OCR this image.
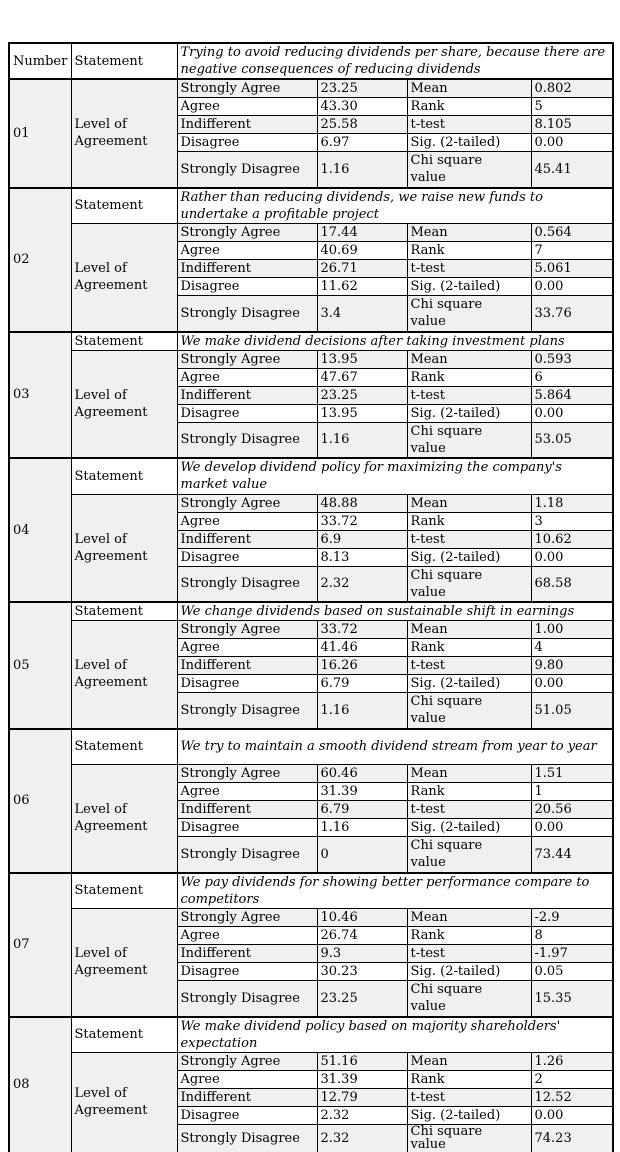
Number	Statement	Trying to avoid reducing dividends per share, because there are negative consequences of reducing dividends			
01	Level of Agreement	Strongly Agree	23.25	Mean	0.802
		Agree	43.30	Rank	5
		Indifferent	25.58	t-test	8.105
		Disagree	6.97	Sig. (2-tailed)	0.00
		Strongly Disagree	1.16	Chi square value	45.41
02	Statement	Rather than reducing dividends, we raise new funds to undertake a profitable project			
	Level of Agreement	Strongly Agree	17.44	Mean	0.564
		Agree	40.69	Rank	7
		Indifferent	26.71	t-test	5.061
		Disagree	11.62	Sig. (2-tailed)	0.00
		Strongly Disagree	3.4	Chi square value	33.76
03	Statement	We make dividend decisions after taking investment plans			
	Level of Agreement	Strongly Agree	13.95	Mean	0.593
		Agree	47.67	Rank	6
		Indifferent	23.25	t-test	5.864
		Disagree	13.95	Sig. (2-tailed)	0.00
		Strongly Disagree	1.16	Chi square value	53.05
04	Statement	We develop dividend policy for maximizing the company's market value			
	Level of Agreement	Strongly Agree	48.88	Mean	1.18
		Agree	33.72	Rank	3
		Indifferent	6.9	t-test	10.62
		Disagree	8.13	Sig. (2-tailed)	0.00
		Strongly Disagree	2.32	Chi square value	68.58
05	Statement	We change dividends based on sustainable shift in earnings			
	Level of Agreement	Strongly Agree	33.72	Mean	1.00
		Agree	41.46	Rank	4
		Indifferent	16.26	t-test	9.80
		Disagree	6.79	Sig. (2-tailed)	0.00
		Strongly Disagree	1.16	Chi square value	51.05
06	Statement	We try to maintain a smooth dividend stream from year to year			
	Level of Agreement	Strongly Agree	60.46	Mean	1.51
		Agree	31.39	Rank	1
		Indifferent	6.79	t-test	20.56
		Disagree	1.16	Sig. (2-tailed)	0.00
		Strongly Disagree	0	Chi square value	73.44
07	Statement	We pay dividends for showing better performance compare to competitors			
	Level of Agreement	Strongly Agree	10.46	Mean	-2.9
		Agree	26.74	Rank	8
		Indifferent	9.3	t-test	-1.97
		Disagree	30.23	Sig. (2-tailed)	0.05
		Strongly Disagree	23.25	Chi square value	15.35
08	Statement	We make dividend policy based on majority shareholders' expectation			
	Level of Agreement	Strongly Agree	51.16	Mean	1.26
		Agree	31.39	Rank	2
		Indifferent	12.79	t-test	12.52
		Disagree	2.32	Sig. (2-tailed)	0.00
		Strongly Disagree	2.32	Chi square value	74.23
